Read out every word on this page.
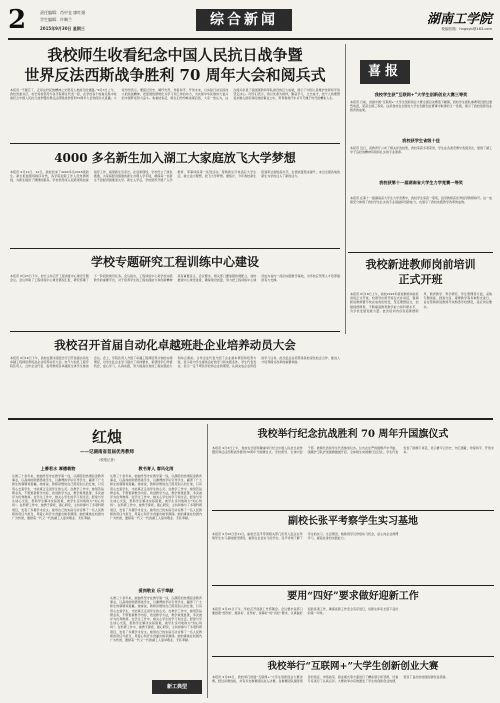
2	责任编辑：肖中仓 廖红娟
学生编辑：许琳兰
2015年9月30日 星期三
综合新闻	湖南工学院
校编信箱：hngxyb@163.com
我校师生收看纪念中国人民抗日战争暨
世界反法西斯战争胜利 70 周年大会和阅兵式
本报讯 “不要忘了，正是这份民族精神之光照亮人类前行的道路。”9月3日上午，我校党委书记、校长等校领导与各学院师生代表一起，在学校各个收看点集中收看纪念中国人民抗日战争暨世界反法西斯战争胜利70周年大会和阅兵式直播。大家纷纷表示，要铭记历史、缅怀先烈、珍爱和平、开创未来，以实际行动弘扬伟大的抗战精神，把爱国热情转化为学习和工作的动力，为实现中华民族伟大复兴的中国梦而努力奋斗。收看结束后，师生们纷纷畅谈观后感，大家一致认为，这次阅兵彰显了我国国防和军队建设的巨大成就，展示了中国人民维护世界和平的坚定决心。同学们表示，将以先辈为榜样，勤奋学习，立志成才，把个人的理想追求融入国家和民族的事业之中，用青春和汗水书写无愧于时代的精彩人生。
4000 多名新生加入湖工大家庭放飞大学梦想
本报讯 9月11日、12日，我校迎来了4000多名2015级新生。新生报到现场秩序井然，各学院迎新工作人员热情周到，为新生提供了便捷的服务。学校领导深入迎新现场检查指导工作，看望新生及家长。在迎新现场，学校设立了绿色通道，为家庭经济困难的新生办理入学手续，确保每一位新生不因经济困难而失学。新生入学后，学校组织开展了入学教育、军事训练等一系列活动，帮助新生尽快适应大学生活，树立远大理想，放飞大学梦想。据统计，今年我校新生报到率达到较高水平，生源质量稳步提升，来自全国各地的新生为学校注入了新的活力。
喜报
我校学生获“互联网+”大学生创新创业大赛三等奖
本报讯 日前，首届中国“互联网+”大学生创新创业大赛全国总决赛落下帷幕，我校学生团队参赛项目经过激烈角逐，荣获全国三等奖。这是我校在全国性大学生创新创业赛事中取得的又一佳绩，展示了我校创新创业教育的成果。
我校获学生省级十佳
本报讯 近日，省教育厅公布了相关评选结果，我校荣获多项荣誉，学生在各类竞赛中表现突出，展现了湖工学子良好的精神风貌和扎实的专业素养。
我校获第十一届湖南省大学生力学竞赛一等奖
本报讯 在第十一届湖南省大学生力学竞赛中，我校学生荣获一等奖，指导教师获优秀指导教师称号。这一成绩充分体现了我校学生扎实的专业基础和创新能力，也展示了我校实践教学改革的成效。
学校专题研究工程训练中心建设
本报讯 9月23日下午，校长主持召开工程训练中心建设专题会议。会议听取了工程训练中心建设情况汇报，研究部署了下一阶段的建设任务。会议指出，工程训练中心是学校实践教学的重要平台，对于培养学生的工程实践能力和创新精神具有重要意义。会议要求，相关部门要加强协调配合，加快推进中心建设进度，确保建设质量，努力把工程训练中心建设成为省内一流的实践教学基地，为学校应用型人才培养提供有力支撑。
我校新进教师岗前培训
正式开班
本报讯 9月18日上午，我校2015年新进教师岗前培训班正式开班。校领导出席开班仪式并讲话，强调新进教师要尽快完成角色转变，坚定理想信念，加强师德修养，不断提高教育教学能力和科研水平，为学校发展贡献力量。此次培训内容包括师德师风、教育教学、科学研究、学生管理等方面，采取专题讲座、经验交流、观摩教学等多种形式进行，旨在帮助新进教师尽快熟悉学校情况，适应岗位要求。
我校召开首届自动化卓越班赴企业培养动员大会
本报讯 9月16日下午，我校在图书馆报告厅召开首届自动化卓越工程师培养班赴企业培养动员大会。电气与信息工程学院负责人、合作企业代表、指导教师及卓越班全体学生参加会议。会上，学院负责人介绍了卓越工程师培养计划的实施情况，对学生赴企业学习提出了具体要求，希望同学们珍惜机会，虚心学习，认真实践，努力提高自身的工程实践能力和综合素质。合作企业代表介绍了企业基本情况和培养方案，表示将为学生提供良好的学习和实践条件。学生代表发言，表示一定不辜负学校和企业的期望，认真完成企业阶段的学习任务。此次赴企业培养是我校深化校企合作、推进人才培养模式改革的重要举措。
红烛
——记湖南省首届优秀教师
（校报记者）
上善若水 厚德载物
从教三十余年来，她始终坚守在教学第一线，以满腔的热情投身教育事业，以高尚的师德感染学生，以渊博的学识引导学生，赢得了广大师生的尊敬和爱戴。她常说，教师是燃烧自己照亮别人的红烛，只有用心去爱学生，才能真正走进学生的心灵。在教学工作中，她刻苦钻研业务，不断更新教学内容，改进教学方法，教学效果显著，多次被评为优秀教师。在学生工作中，她关心学生的学习和生活，经常与学生谈心交流，帮助学生解决实际困难，被学生亲切地称为“知心妈妈”。在科研工作中，她勇于探索，潜心研究，主持和参与了多项科研项目，发表了多篇学术论文。她用自己的实际行动诠释了一名人民教师的责任与担当，用爱心和汗水浇灌出桃李满园。她的事迹在校园内广为传颂，激励着一代又一代的湖工人爱岗敬业、无私奉献。
教书育人 春风化雨
从教三十余年来，她始终坚守在教学第一线，以满腔的热情投身教育事业，以高尚的师德感染学生，以渊博的学识引导学生，赢得了广大师生的尊敬和爱戴。她常说，教师是燃烧自己照亮别人的红烛，只有用心去爱学生，才能真正走进学生的心灵。在教学工作中，她刻苦钻研业务，不断更新教学内容，改进教学方法，教学效果显著，多次被评为优秀教师。在学生工作中，她关心学生的学习和生活，经常与学生谈心交流，帮助学生解决实际困难，被学生亲切地称为“知心妈妈”。在科研工作中，她勇于探索，潜心研究，主持和参与了多项科研项目，发表了多篇学术论文。她用自己的实际行动诠释了一名人民教师的责任与担当，用爱心和汗水浇灌出桃李满园。她的事迹在校园内广为传颂，激励着一代又一代的湖工人爱岗敬业、无私奉献。
爱岗敬业 乐于奉献
从教三十余年来，她始终坚守在教学第一线，以满腔的热情投身教育事业，以高尚的师德感染学生，以渊博的学识引导学生，赢得了广大师生的尊敬和爱戴。她常说，教师是燃烧自己照亮别人的红烛，只有用心去爱学生，才能真正走进学生的心灵。在教学工作中，她刻苦钻研业务，不断更新教学内容，改进教学方法，教学效果显著，多次被评为优秀教师。在学生工作中，她关心学生的学习和生活，经常与学生谈心交流，帮助学生解决实际困难，被学生亲切地称为“知心妈妈”。在科研工作中，她勇于探索，潜心研究，主持和参与了多项科研项目，发表了多篇学术论文。她用自己的实际行动诠释了一名人民教师的责任与担当，用爱心和汗水浇灌出桃李满园。她的事迹在校园内广为传颂，激励着一代又一代的湖工人爱岗敬业、无私奉献。
新工典型
我校举行纪念抗战胜利 70 周年升国旗仪式
本报讯 9月3日上午，我校在田径场隆重举行纪念中国人民抗日战争暨世界反法西斯战争胜利70周年升国旗仪式。学校领导、全体中层干部、教师代表和学生代表参加仪式。仪式在庄严的国歌声中开始，国旗护卫队护送国旗缓缓升起，全体师生向国旗行注目礼。学生代表发表了国旗下讲话，表示要牢记历史、勿忘国耻，珍爱和平、开创未来。
副校长张平考察学生实习基地
本报讯 9月20日至21日，副校长张平带领相关部门负责人赴企业考察学生实习基地建设情况，看望在企业实习的学生。张平详细了解了学生的实习、生活情况，勉励同学们珍惜实习机会，虚心向企业师傅学习，提高自身的实践能力。
要用“四好”要求做好迎新工作
本报讯 9月10日下午，学校召开迎新工作部署会。会议要求各部门要按照“组织好、服务好、宣传好、保障好”的“四好”要求，认真做好迎新各项工作，确保迎新工作安全有序进行，给新生和家长留下良好的第一印象。
我校举行“互联网+”大学生创新创业大赛
本报讯 9月26日，我校举行首届“互联网+”大学生创新创业大赛决赛。经过初赛选拔，共有多支参赛团队进入决赛。各参赛团队围绕项目的创意、市场前景、商业模式等方面进行了精彩展示和答辩，评委专家进行了认真点评。大赛的举办有效激发了学生的创新创业热情，营造了良好的校园创新创业氛围。
